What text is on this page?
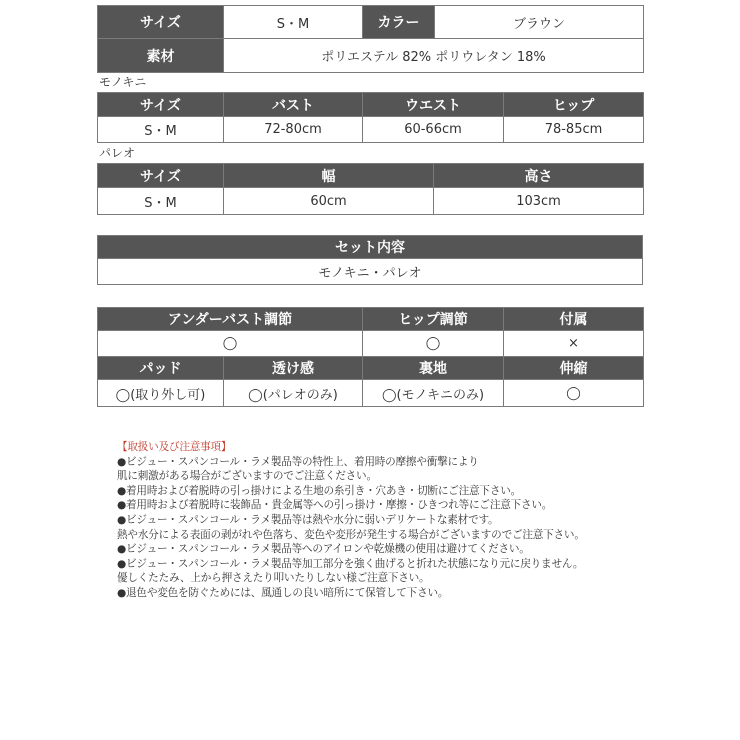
サイズ	S・M	カラー	ブラウン
素材	ポリエステル 82% ポリウレタン 18%		
モノキニ
サイズ	バスト	ウエスト	ヒップ
S・M	72-80cm	60-66cm	78-85cm
パレオ
サイズ	幅	高さ
S・M	60cm	103cm
セット内容
モノキニ・パレオ
アンダーバスト調節		ヒップ調節	付属
◯		◯	×
パッド	透け感	裏地	伸縮
◯(取り外し可)	◯(パレオのみ)	◯(モノキニのみ)	◯
【取扱い及び注意事項】
●ビジュー・スパンコール・ラメ製品等の特性上、着用時の摩擦や衝撃により
肌に刺激がある場合がございますのでご注意ください。
●着用時および着脱時の引っ掛けによる生地の糸引き・穴あき・切断にご注意下さい。
●着用時および着脱時に装飾品・貴金属等への引っ掛け・摩擦・ひきつれ等にご注意下さい。
●ビジュー・スパンコール・ラメ製品等は熱や水分に弱いデリケートな素材です。
熱や水分による表面の剥がれや色落ち、変色や変形が発生する場合がございますのでご注意下さい。
●ビジュー・スパンコール・ラメ製品等へのアイロンや乾燥機の使用は避けてください。
●ビジュー・スパンコール・ラメ製品等加工部分を強く曲げると折れた状態になり元に戻りません。
優しくたたみ、上から押さえたり叩いたりしない様ご注意下さい。
●退色や変色を防ぐためには、風通しの良い暗所にて保管して下さい。
